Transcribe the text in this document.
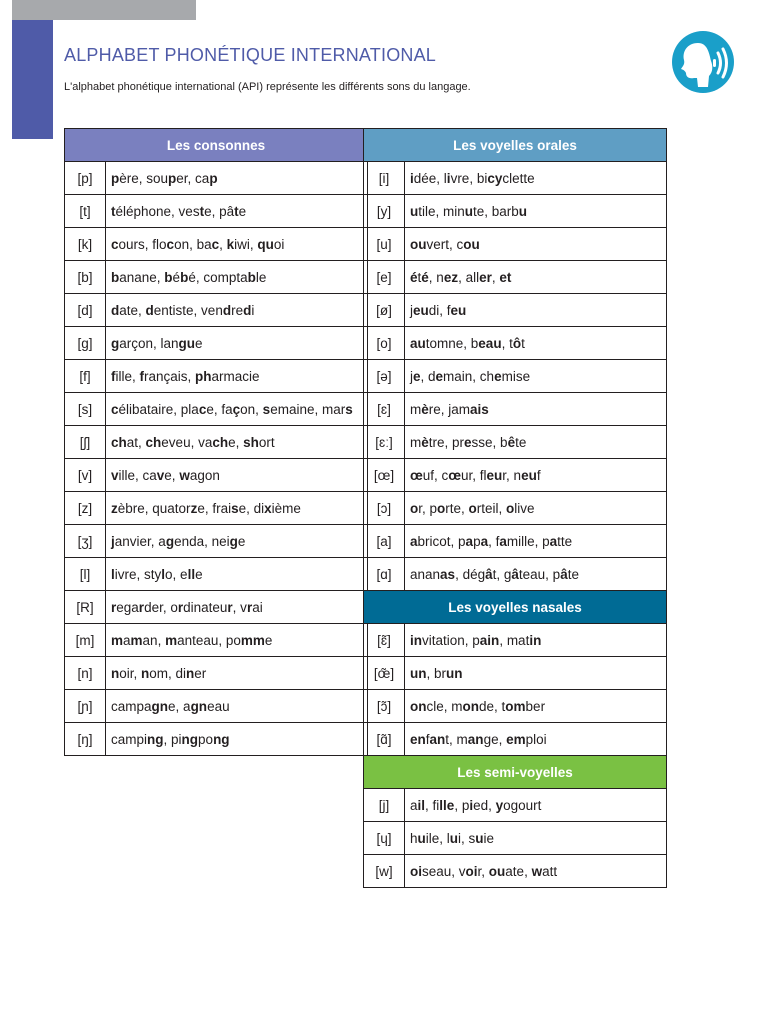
ALPHABET PHONÉTIQUE INTERNATIONAL
L'alphabet phonétique international (API) représente les différents sons du langage.
Les consonnes	
[p]	père, souper, cap
[t]	téléphone, veste, pâte
[k]	cours, flocon, bac, kiwi, quoi
[b]	banane, bébé, comptable
[d]	date, dentiste, vendredi
[g]	garçon, langue
[f]	fille, français, pharmacie
[s]	célibataire, place, façon, semaine, mars
[ʃ]	chat, cheveu, vache, short
[v]	ville, cave, wagon
[z]	zèbre, quatorze, fraise, dixième
[ʒ]	janvier, agenda, neige
[l]	livre, stylo, elle
[R]	regarder, ordinateur, vrai
[m]	maman, manteau, pomme
[n]	noir, nom, diner
[ɲ]	campagne, agneau
[ŋ]	camping, pingpong
Les voyelles orales	
[i]	idée, livre, bicyclette
[y]	utile, minute, barbu
[u]	ouvert, cou
[e]	été, nez, aller, et
[ø]	jeudi, feu
[o]	automne, beau, tôt
[ə]	je, demain, chemise
[ɛ]	mère, jamais
[ɛː]	mètre, presse, bête
[œ]	œuf, cœur, fleur, neuf
[ɔ]	or, porte, orteil, olive
[a]	abricot, papa, famille, patte
[ɑ]	ananas, dégât, gâteau, pâte
Les voyelles nasales	
[ɛ̃]	invitation, pain, matin
[œ̃]	un, brun
[ɔ̃]	oncle, monde, tomber
[ɑ̃]	enfant, mange, emploi
Les semi-voyelles	
[j]	ail, fille, pied, yogourt
[ɥ]	huile, lui, suie
[w]	oiseau, voir, ouate, watt
